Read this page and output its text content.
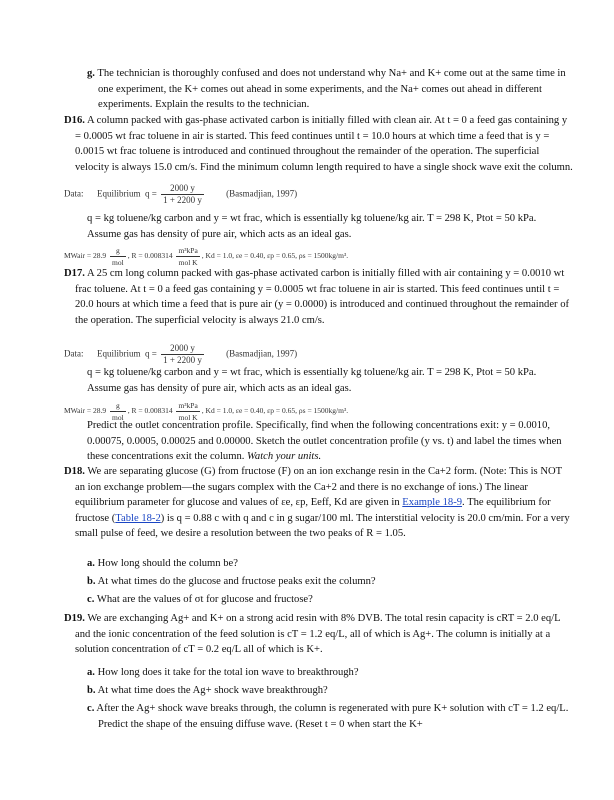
g. The technician is thoroughly confused and does not understand why Na+ and K+ come out at the same time in one experiment, the K+ comes out ahead in some experiments, and the Na+ comes out ahead in different experiments. Explain the results to the technician.

D16. A column packed with gas-phase activated carbon is initially filled with clean air. At t = 0 a feed gas containing y = 0.0005 wt frac toluene in air is started. This feed continues until t = 10.0 hours at which time a feed that is y = 0.0015 wt frac toluene is introduced and continued throughout the remainder of the operation. The superficial velocity is always 15.0 cm/s. Find the minimum column length required to have a single shock wave exit the column.

Data: Equilibrium $q = \frac{2000 y}{1 + 2200 y}$ (Basmadjian, 1997)

q = kg toluene/kg carbon and y = wt frac, which is essentially kg toluene/kg air. T = 298 K, Ptot = 50 kPa. Assume gas has density of pure air, which acts as an ideal gas.

MWair = $28.9 \frac{g}{\text{mol}}$ , $R = 0.008314 \frac{\text{m³kPa}}{\text{mol K}}$ , Kd = 1.0, εe = 0.40, εp = 0.65, ρs = 1500kg/m³.

D17. A 25 cm long column packed with gas-phase activated carbon is initially filled with air containing y = 0.0010 wt frac toluene. At t = 0 a feed gas containing y = 0.0005 wt frac toluene in air is started. This feed continues until t = 20.0 hours at which time a feed that is pure air (y = 0.0000) is introduced and continued throughout the remainder of the operation. The superficial velocity is always 21.0 cm/s.

Data: Equilibrium $q = \frac{2000 y}{1 + 2200 y}$ (Basmadjian, 1997)

q = kg toluene/kg carbon and y = wt frac, which is essentially kg toluene/kg air. T = 298 K, Ptot = 50 kPa. Assume gas has density of pure air, which acts as an ideal gas.

MWair = $28.9 \frac{g}{\text{mol}}$ , $R = 0.008314 \frac{\text{m³kPa}}{\text{mol K}}$ , Kd = 1.0, εe = 0.40, εp = 0.65, ρs = 1500kg/m³.

Predict the outlet concentration profile. Specifically, find when the following concentrations exit: y = 0.0010, 0.00075, 0.0005, 0.00025 and 0.00000. Sketch the outlet concentration profile (y vs. t) and label the times when these concentrations exit the column. Watch your units.

D18. We are separating glucose (G) from fructose (F) on an ion exchange resin in the Ca+2 form. (Note: This is NOT an ion exchange problem—the sugars complex with the Ca+2 and there is no exchange of ions.) The linear equilibrium parameter for glucose and values of εe, εp, Eeff, Kd are given in Example 18-9. The equilibrium for fructose (Table 18-2) is q = 0.88 c with q and c in g sugar/100 ml. The interstitial velocity is 20.0 cm/min. For a very small pulse of feed, we desire a resolution between the two peaks of R = 1.05.

a. How long should the column be?

b. At what times do the glucose and fructose peaks exit the column?

c. What are the values of σt for glucose and fructose?

D19. We are exchanging Ag+ and K+ on a strong acid resin with 8% DVB. The total resin capacity is cRT = 2.0 eq/L and the ionic concentration of the feed solution is cT = 1.2 eq/L, all of which is Ag+. The column is initially at a solution concentration of cT = 0.2 eq/L all of which is K+.

a. How long does it take for the total ion wave to breakthrough?

b. At what time does the Ag+ shock wave breakthrough?

c. After the Ag+ shock wave breaks through, the column is regenerated with pure K+ solution with cT = 1.2 eq/L. Predict the shape of the ensuing diffuse wave. (Reset t = 0 when start the K+
